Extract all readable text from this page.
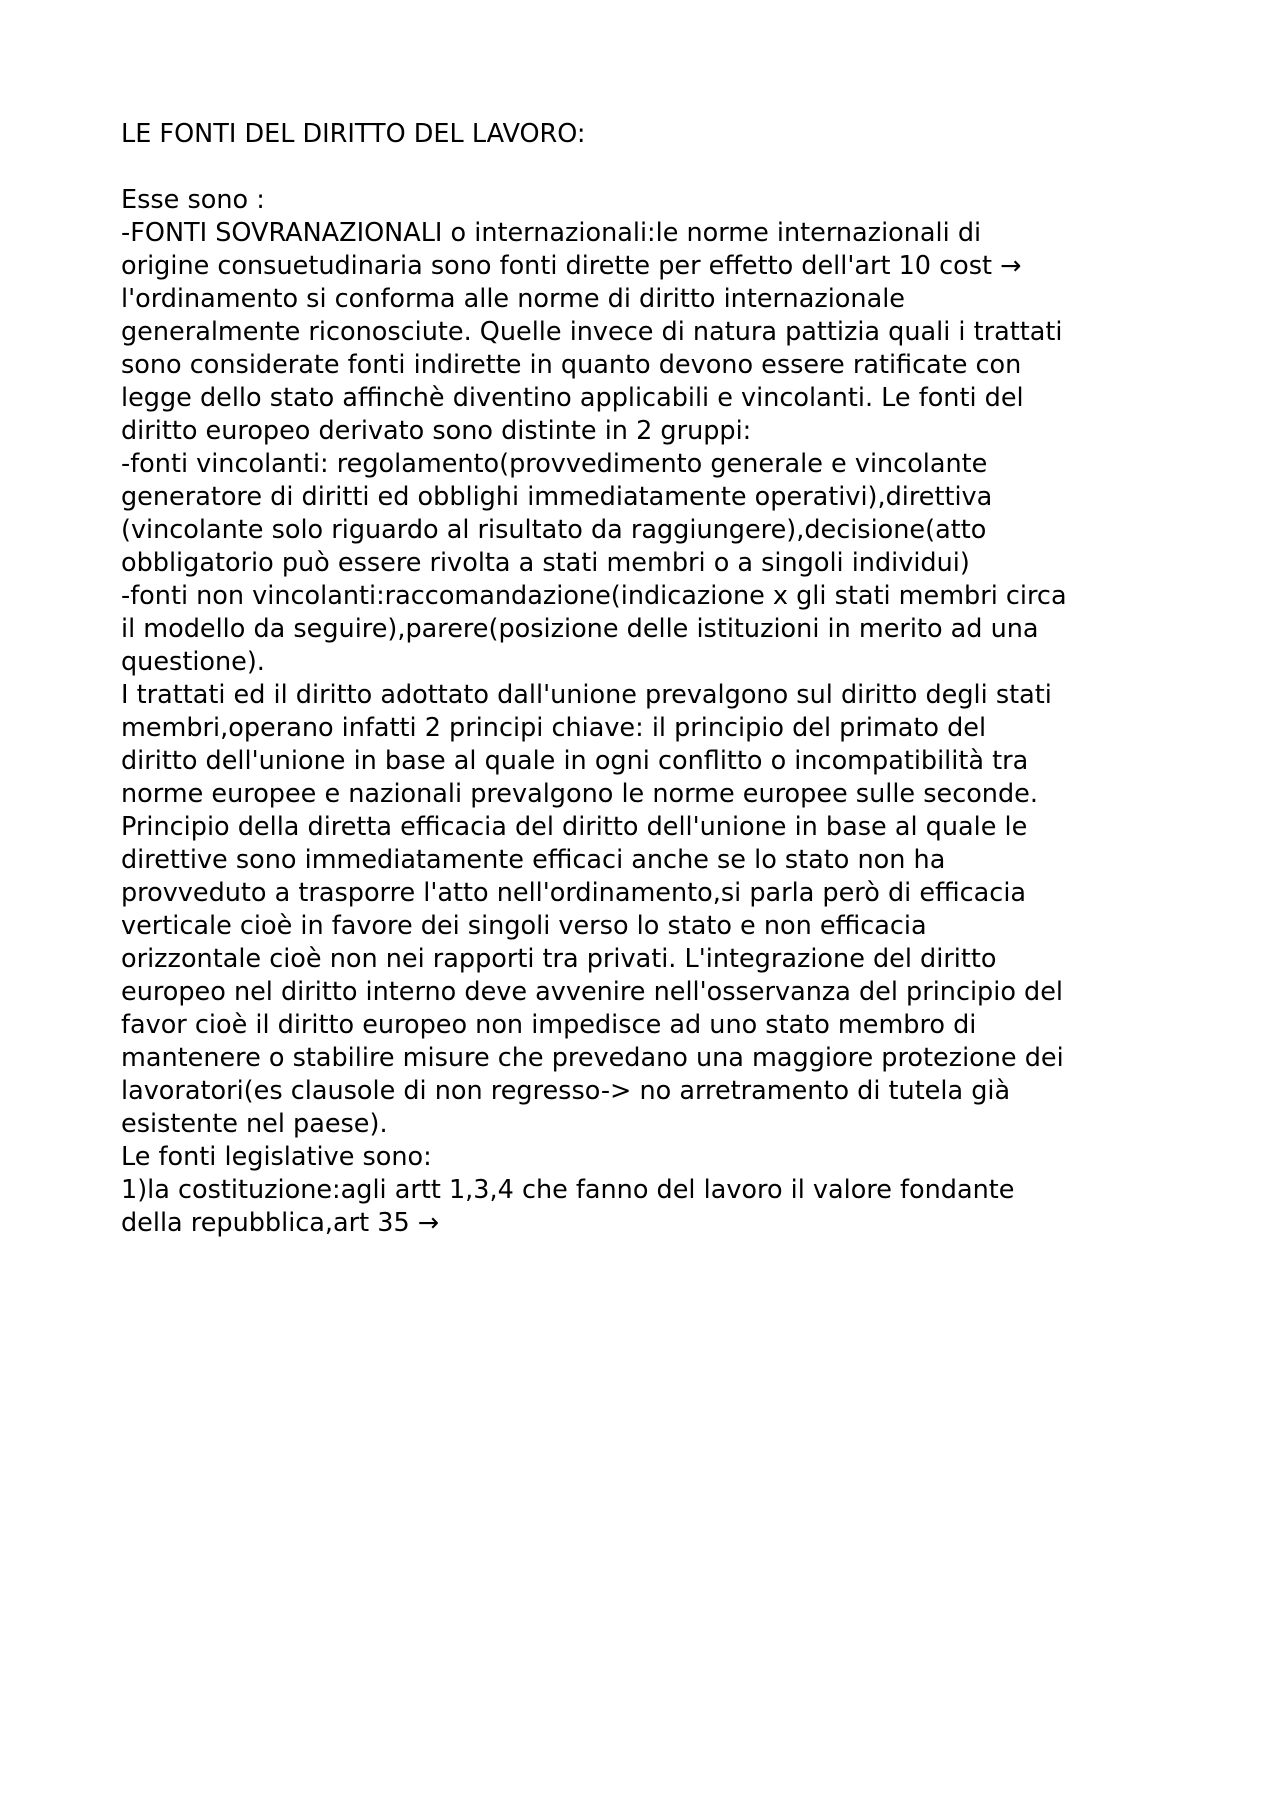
LE FONTI DEL DIRITTO DEL LAVORO:
Esse sono :
-FONTI SOVRANAZIONALI o internazionali:le norme internazionali di
origine consuetudinaria sono fonti dirette per effetto dell'art 10 cost →
l'ordinamento si conforma alle norme di diritto internazionale
generalmente riconosciute. Quelle invece di natura pattizia quali i trattati
sono considerate fonti indirette in quanto devono essere ratificate con
legge dello stato affinchè diventino applicabili e vincolanti. Le fonti del
diritto europeo derivato sono distinte in 2 gruppi:
-fonti vincolanti: regolamento(provvedimento generale e vincolante
generatore di diritti ed obblighi immediatamente operativi),direttiva
(vincolante solo riguardo al risultato da raggiungere),decisione(atto
obbligatorio può essere rivolta a stati membri o a singoli individui)
-fonti non vincolanti:raccomandazione(indicazione x gli stati membri circa
il modello da seguire),parere(posizione delle istituzioni in merito ad una
questione).
I trattati ed il diritto adottato dall'unione prevalgono sul diritto degli stati
membri,operano infatti 2 principi chiave: il principio del primato del
diritto dell'unione in base al quale in ogni conflitto o incompatibilità tra
norme europee e nazionali prevalgono le norme europee sulle seconde.
Principio della diretta efficacia del diritto dell'unione in base al quale le
direttive sono immediatamente efficaci anche se lo stato non ha
provveduto a trasporre l'atto nell'ordinamento,si parla però di efficacia
verticale cioè in favore dei singoli verso lo stato e non efficacia
orizzontale cioè non nei rapporti tra privati. L'integrazione del diritto
europeo nel diritto interno deve avvenire nell'osservanza del principio del
favor cioè il diritto europeo non impedisce ad uno stato membro di
mantenere o stabilire misure che prevedano una maggiore protezione dei
lavoratori(es clausole di non regresso-> no arretramento di tutela già
esistente nel paese).
Le fonti legislative sono:
1)la costituzione:agli artt 1,3,4 che fanno del lavoro il valore fondante
della repubblica,art 35 →
